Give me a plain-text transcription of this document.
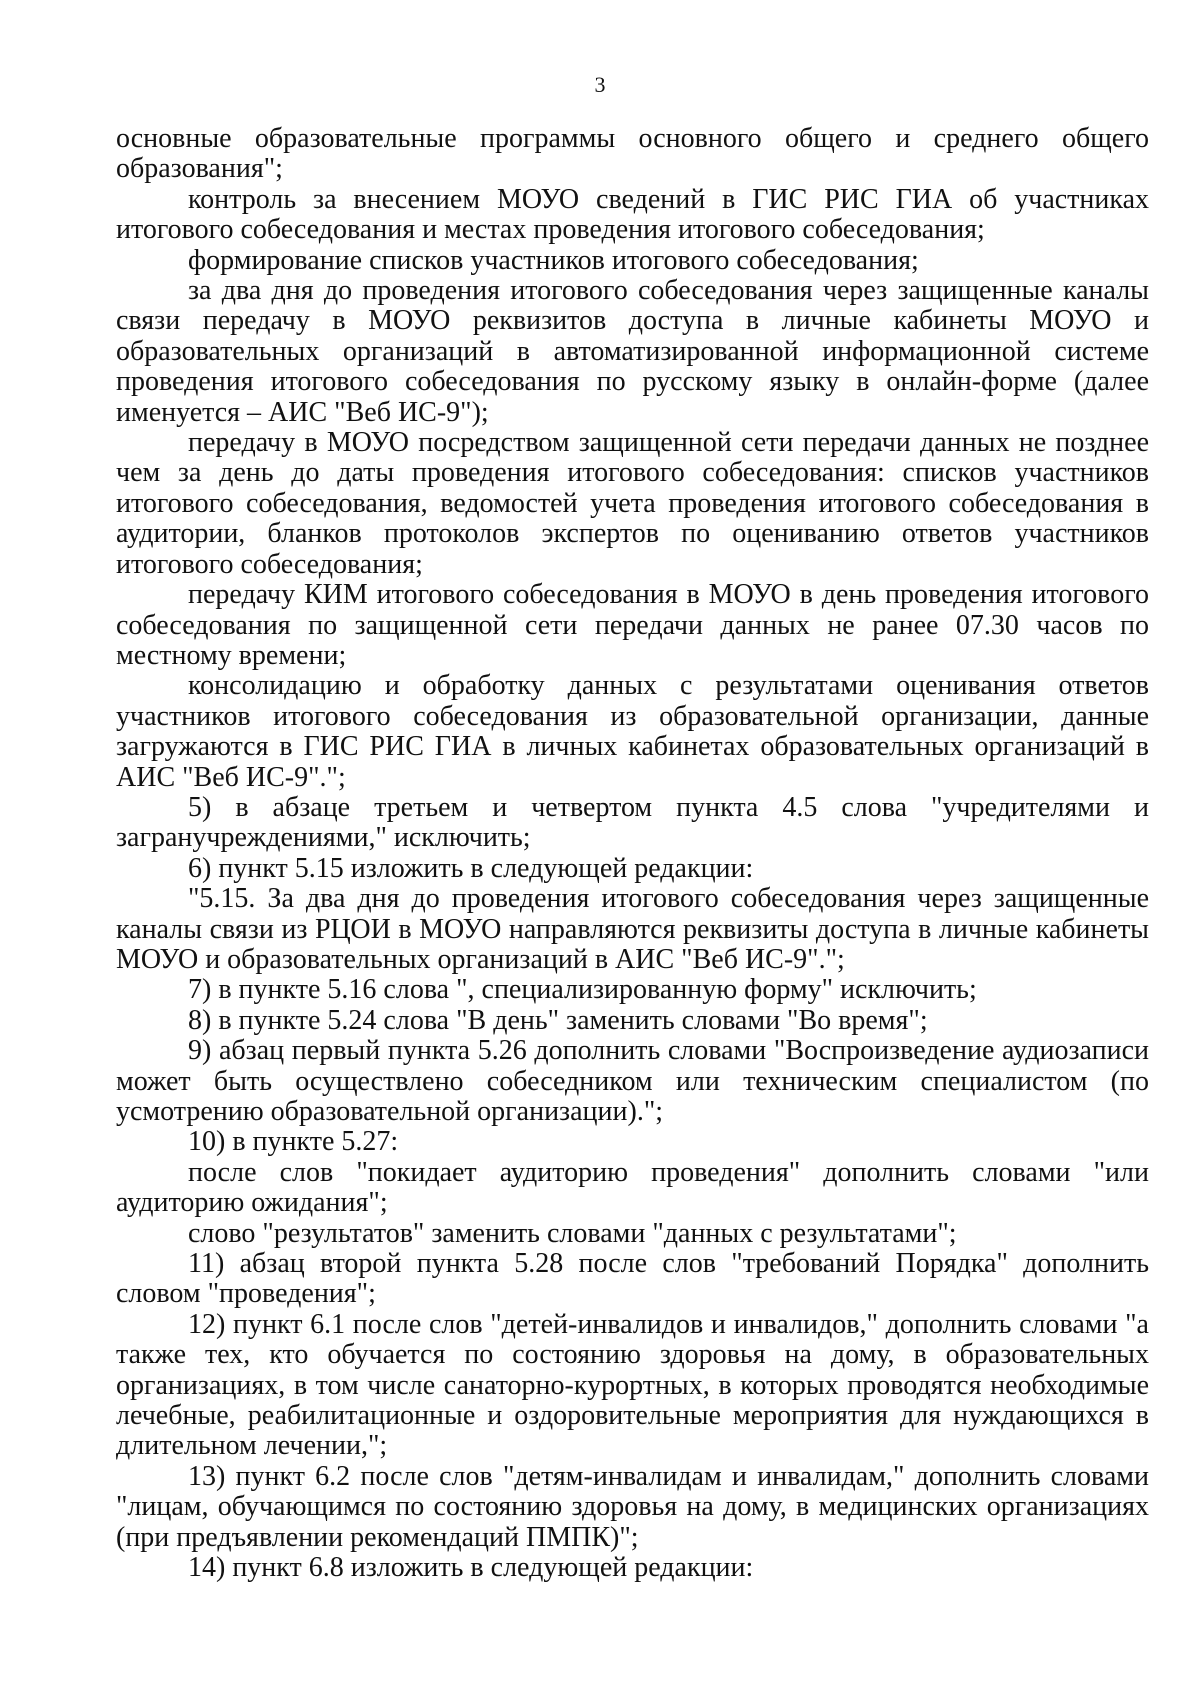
3

основные образовательные программы основного общего и среднего общего образования";

контроль за внесением МОУО сведений в ГИС РИС ГИА об участниках итогового собеседования и местах проведения итогового собеседования;

формирование списков участников итогового собеседования;

за два дня до проведения итогового собеседования через защищенные каналы связи передачу в МОУО реквизитов доступа в личные кабинеты МОУО и образовательных организаций в автоматизированной информационной системе проведения итогового собеседования по русскому языку в онлайн-форме (далее именуется – АИС "Веб ИС-9");

передачу в МОУО посредством защищенной сети передачи данных не позднее чем за день до даты проведения итогового собеседования: списков участников итогового собеседования, ведомостей учета проведения итогового собеседования в аудитории, бланков протоколов экспертов по оцениванию ответов участников итогового собеседования;

передачу КИМ итогового собеседования в МОУО в день проведения итогового собеседования по защищенной сети передачи данных не ранее 07.30 часов по местному времени;

консолидацию и обработку данных с результатами оценивания ответов участников итогового собеседования из образовательной организации, данные загружаются в ГИС РИС ГИА в личных кабинетах образовательных организаций в АИС "Веб ИС-9".";

5) в абзаце третьем и четвертом пункта 4.5 слова "учредителями и загранучреждениями," исключить;

6) пункт 5.15 изложить в следующей редакции:

"5.15. За два дня до проведения итогового собеседования через защищенные каналы связи из РЦОИ в МОУО направляются реквизиты доступа в личные кабинеты МОУО и образовательных организаций в АИС "Веб ИС-9".";

7) в пункте 5.16 слова ", специализированную форму" исключить;

8) в пункте 5.24 слова "В день" заменить словами "Во время";

9) абзац первый пункта 5.26 дополнить словами "Воспроизведение аудиозаписи может быть осуществлено собеседником или техническим специалистом (по усмотрению образовательной организации).";

10) в пункте 5.27:

после слов "покидает аудиторию проведения" дополнить словами "или аудиторию ожидания";

слово "результатов" заменить словами "данных с результатами";

11) абзац второй пункта 5.28 после слов "требований Порядка" дополнить словом "проведения";

12) пункт 6.1 после слов "детей-инвалидов и инвалидов," дополнить словами "а также тех, кто обучается по состоянию здоровья на дому, в образовательных организациях, в том числе санаторно-курортных, в которых проводятся необходимые лечебные, реабилитационные и оздоровительные мероприятия для нуждающихся в длительном лечении,";

13) пункт 6.2 после слов "детям-инвалидам и инвалидам," дополнить словами "лицам, обучающимся по состоянию здоровья на дому, в медицинских организациях (при предъявлении рекомендаций ПМПК)";

14) пункт 6.8 изложить в следующей редакции:
